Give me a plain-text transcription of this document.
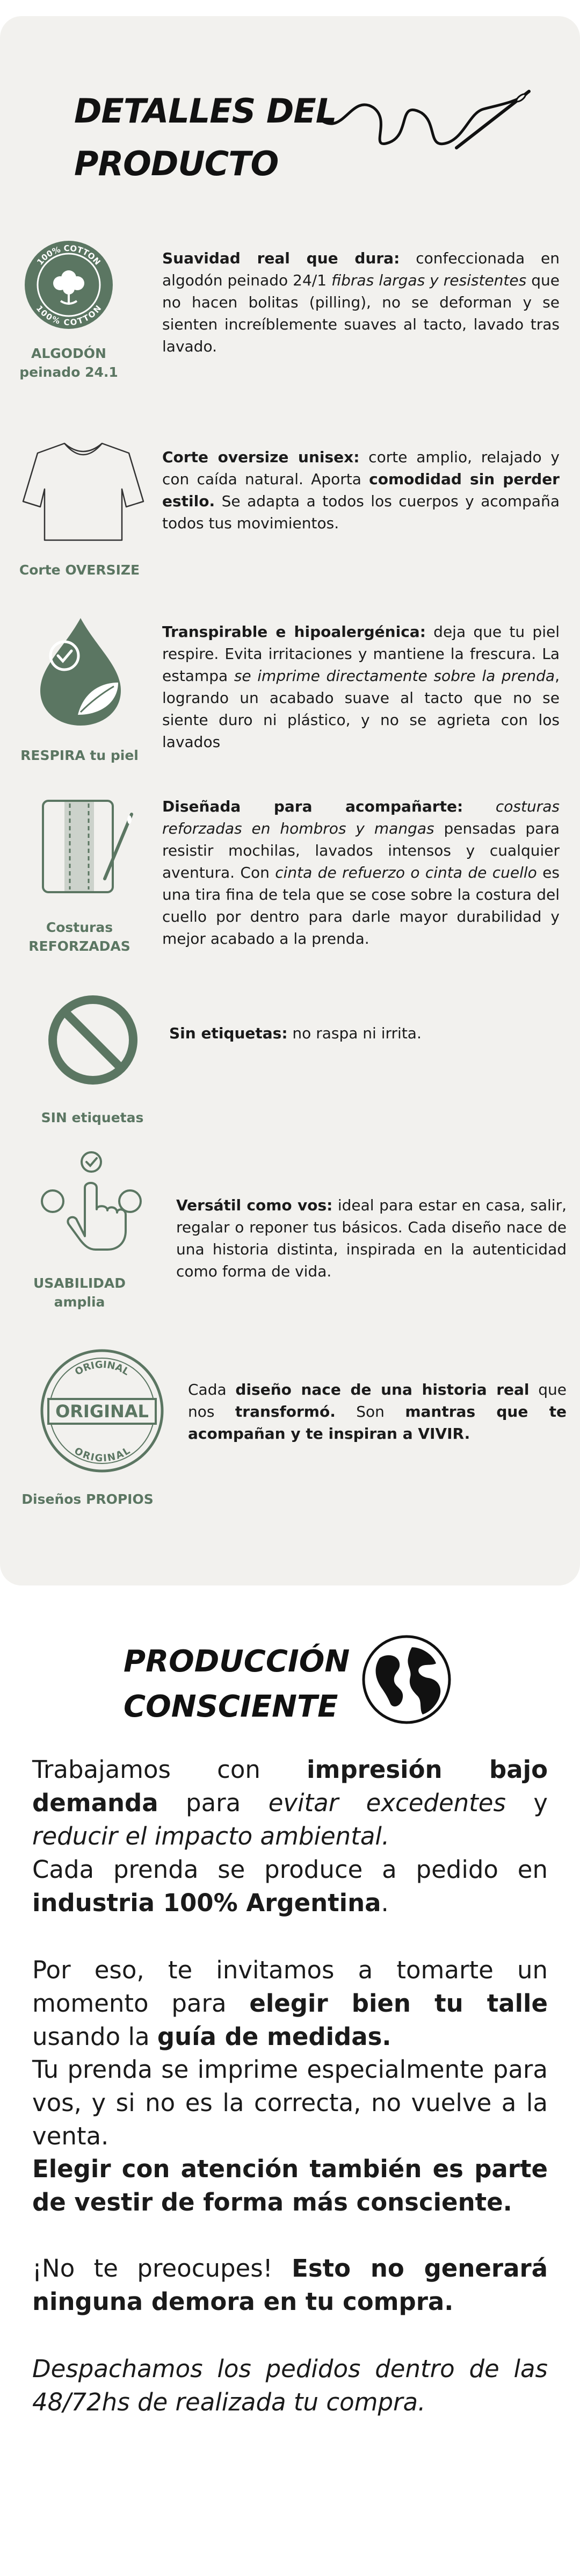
DETALLES DEL
PRODUCTO
100% COTTON
100% COTTON
ALGODÓN peinado 24.1
Suavidad real que dura: confeccionada en algodón peinado 24/1 fibras largas y resistentes que no hacen bolitas (pilling), no se deforman y se sienten increíblemente suaves al tacto, lavado tras lavado.
Corte OVERSIZE
Corte oversize unisex: corte amplio, relajado y con caída natural. Aporta comodidad sin perder estilo. Se adapta a todos los cuerpos y acompaña todos tus movimientos.
RESPIRA tu piel
Transpirable e hipoalergénica: deja que tu piel respire. Evita irritaciones y mantiene la frescura. La estampa se imprime directamente sobre la prenda, logrando un acabado suave al tacto que no se siente duro ni plástico, y no se agrieta con los lavados
Costuras REFORZADAS
Diseñada para acompañarte: costuras reforzadas en hombros y mangas pensadas para resistir mochilas, lavados intensos y cualquier aventura. Con cinta de refuerzo o cinta de cuello es una tira fina de tela que se cose sobre la costura del cuello por dentro para darle mayor durabilidad y mejor acabado a la prenda.
SIN etiquetas
Sin etiquetas: no raspa ni irrita.
USABILIDAD amplia
Versátil como vos: ideal para estar en casa, salir, regalar o reponer tus básicos. Cada diseño nace de una historia distinta, inspirada en la autenticidad como forma de vida.
ORIGINAL
ORIGINAL
ORIGINAL
Diseños PROPIOS
Cada diseño nace de una historia real que nos transformó. Son mantras que te acompañan y te inspiran a VIVIR.
PRODUCCIÓN
CONSCIENTE
Trabajamos con impresión bajo demanda para evitar excedentes y reducir el impacto ambiental.
Cada prenda se produce a pedido en industria 100% Argentina.
Por eso, te invitamos a tomarte un momento para elegir bien tu talle usando la guía de medidas.
Tu prenda se imprime especialmente para vos, y si no es la correcta, no vuelve a la venta.
Elegir con atención también es parte de vestir de forma más consciente.
¡No te preocupes! Esto no generará ninguna demora en tu compra.
Despachamos los pedidos dentro de las 48/72hs de realizada tu compra.
